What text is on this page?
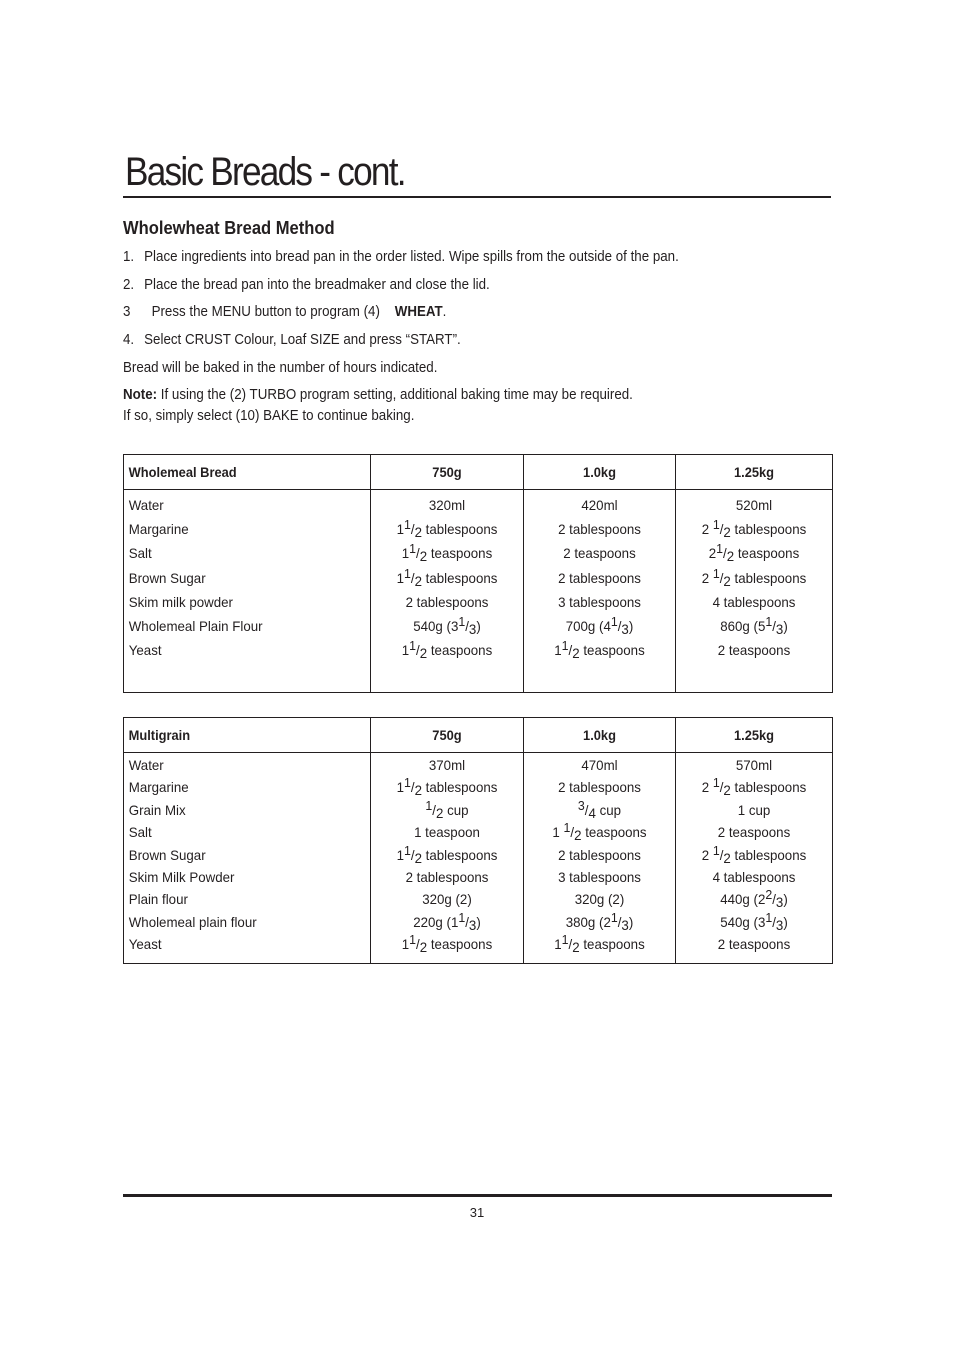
Basic Breads - cont.
Wholewheat Bread Method
1. Place ingredients into bread pan in the order listed. Wipe spills from the outside of the pan.
2. Place the bread pan into the breadmaker and close the lid.
3  Press the MENU button to program (4)    WHEAT.
4. Select CRUST Colour, Loaf SIZE and press “START”.
Bread will be baked in the number of hours indicated.
Note: If using the (2) TURBO program setting, additional baking time may be required.
If so, simply select (10) BAKE to continue baking.
Wholemeal Bread	750g	1.0kg	1.25kg

Water	320ml	420ml	520ml

Margarine	$1^1/_2$ tablespoons	2 tablespoons	2 $^1/_2$ tablespoons

Salt	$1^1/_2$ teaspoons	2 teaspoons	$2^1/_2$ teaspoons

Brown Sugar	$1^1/_2$ tablespoons	2 tablespoons	2 $^1/_2$ tablespoons

Skim milk powder	2 tablespoons	3 tablespoons	4 tablespoons

Wholemeal Plain Flour	540g $(3^1/_3)$	700g $(4^1/_3)$	860g $(5^1/_3)$

Yeast	$1^1/_2$ teaspoons	$1^1/_2$ teaspoons	2 teaspoons
Multigrain	750g	1.0kg	1.25kg

Water	370ml	470ml	570ml

Margarine	$1^1/_2$ tablespoons	2 tablespoons	2 $^1/_2$ tablespoons

Grain Mix	$^1/_2$ cup	$^3/_4$ cup	1 cup

Salt	1 teaspoon	1 $^1/_2$ teaspoons	2 teaspoons

Brown Sugar	$1^1/_2$ tablespoons	2 tablespoons	2 $^1/_2$ tablespoons

Skim Milk Powder	2 tablespoons	3 tablespoons	4 tablespoons

Plain flour	320g (2)	320g (2)	440g $(2^2/_3)$

Wholemeal plain flour	220g $(1^1/_3)$	380g $(2^1/_3)$	540g $(3^1/_3)$

Yeast	$1^1/_2$ teaspoons	$1^1/_2$ teaspoons	2 teaspoons
31
